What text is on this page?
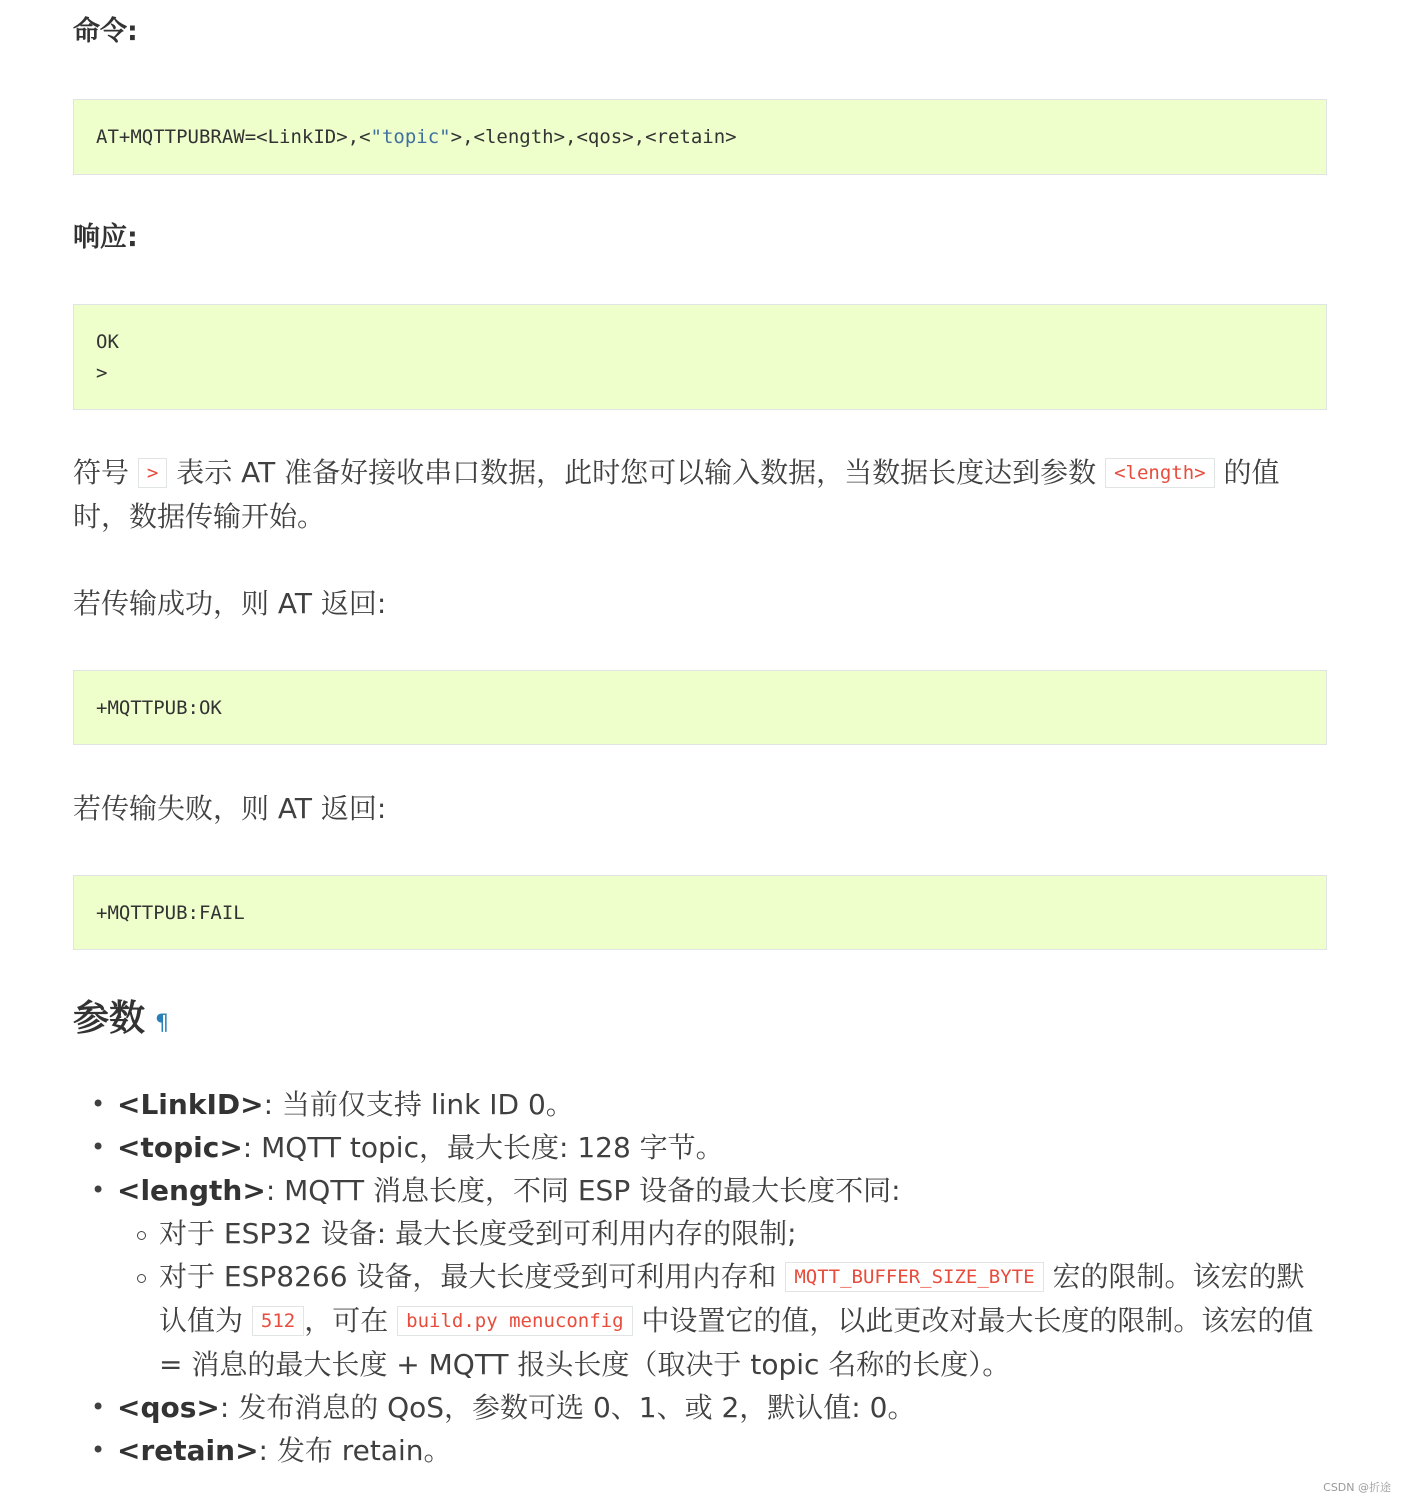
命令:

AT+MQTTPUBRAW=<LinkID>,<"topic">,<length>,<qos>,<retain>

响应:

OK
>

符号 > 表示 AT 准备好接收串口数据，此时您可以输入数据，当数据长度达到参数 <length> 的值时，数据传输开始。

若传输成功，则 AT 返回:

+MQTTPUB:OK

若传输失败，则 AT 返回:

+MQTTPUB:FAIL
参数 ¶
• <LinkID>: 当前仅支持 link ID 0。
• <topic>: MQTT topic，最大长度: 128 字节。
• <length>: MQTT 消息长度，不同 ESP 设备的最大长度不同:
对于 ESP32 设备: 最大长度受到可利用内存的限制;
对于 ESP8266 设备，最大长度受到可利用内存和 MQTT_BUFFER_SIZE_BYTE 宏的限制。该宏的默认值为 512 ，可在 build.py menuconfig 中设置它的值，以此更改对最大长度的限制。该宏的值 = 消息的最大长度 + MQTT 报头长度（取决于 topic 名称的长度）。
• <qos>: 发布消息的 QoS，参数可选 0、1、或 2，默认值: 0。
• <retain>: 发布 retain。
CSDN @折途
